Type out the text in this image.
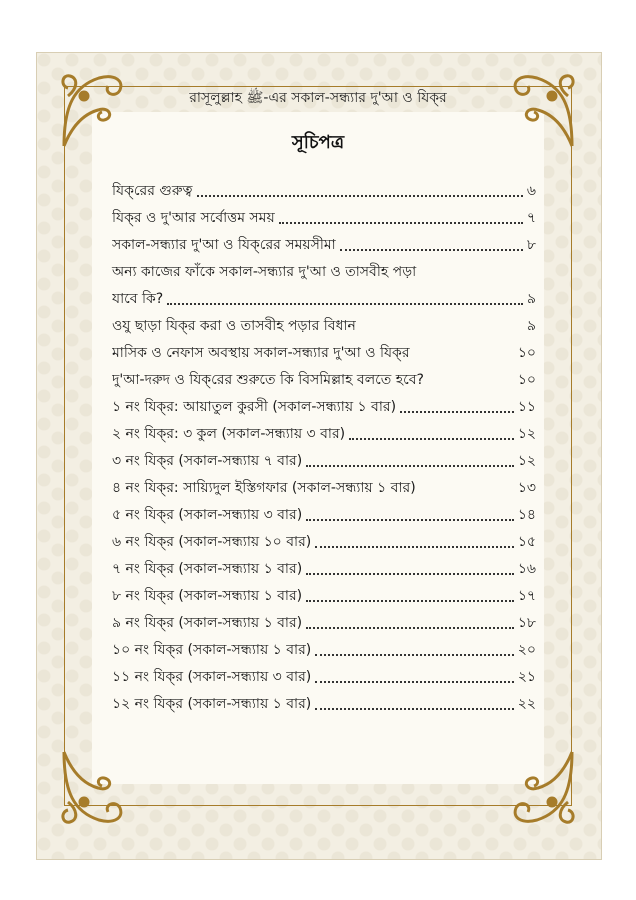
রাসূলুল্লাহ ﷺ-এর সকাল-সন্ধ্যার দু'আ ও যিক্‌র
সূচিপত্র
যিক্‌রের গুরুত্ব	৬
যিক্‌র ও দু'আর সর্বোত্তম সময়	৭
সকাল-সন্ধ্যার দু'আ ও যিক্‌রের সময়সীমা	৮
অন্য কাজের ফাঁকে সকাল-সন্ধ্যার দু'আ ও তাসবীহ পড়া
যাবে কি?	৯
ওযু ছাড়া যিক্‌র করা ও তাসবীহ পড়ার বিধান	৯
মাসিক ও নেফাস অবস্থায় সকাল-সন্ধ্যার দু'আ ও যিক্‌র	১০
দু'আ-দরুদ ও যিক্‌রের শুরুতে কি বিসমিল্লাহ বলতে হবে?	১০
১ নং যিক্‌র: আয়াতুল কুরসী (সকাল-সন্ধ্যায় ১ বার)	১১
২ নং যিক্‌র: ৩ কুল (সকাল-সন্ধ্যায় ৩ বার)	১২
৩ নং যিক্‌র (সকাল-সন্ধ্যায় ৭ বার)	১২
৪ নং যিক্‌র: সায়্যিদুল ইস্তিগফার (সকাল-সন্ধ্যায় ১ বার)	১৩
৫ নং যিক্‌র (সকাল-সন্ধ্যায় ৩ বার)	১৪
৬ নং যিক্‌র (সকাল-সন্ধ্যায় ১০ বার)	১৫
৭ নং যিক্‌র (সকাল-সন্ধ্যায় ১ বার)	১৬
৮ নং যিক্‌র (সকাল-সন্ধ্যায় ১ বার)	১৭
৯ নং যিক্‌র (সকাল-সন্ধ্যায় ১ বার)	১৮
১০ নং যিক্‌র (সকাল-সন্ধ্যায় ১ বার)	২০
১১ নং যিক্‌র (সকাল-সন্ধ্যায় ৩ বার)	২১
১২ নং যিক্‌র (সকাল-সন্ধ্যায় ১ বার)	২২
